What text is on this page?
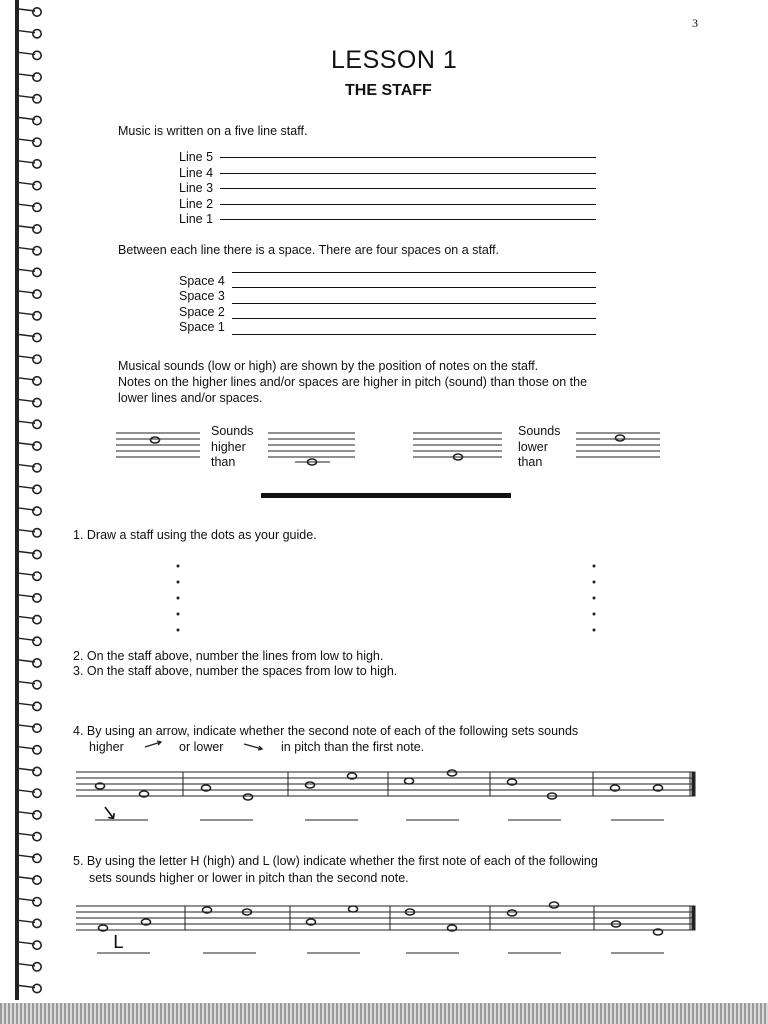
3
LESSON 1
THE STAFF
Music is written on a five line staff.
Line 5
Line 4
Line 3
Line 2
Line 1
Between each line there is a space. There are four spaces on a staff.
Space 4
Space 3
Space 2
Space 1
Musical sounds (low or high) are shown by the position of notes on the staff.
Notes on the higher lines and/or spaces are higher in pitch (sound) than those on the
lower lines and/or spaces.
Sounds
higher
than
Sounds
lower
than
1. Draw a staff using the dots as your guide.
2. On the staff above, number the lines from low to high.
3. On the staff above, number the spaces from low to high.
4. By using an arrow, indicate whether the second note of each of the following sets sounds
higher	or lower	in pitch than the first note.
↘
5. By using the letter H (high) and L (low) indicate whether the first note of each of the following
sets sounds higher or lower in pitch than the second note.
L
